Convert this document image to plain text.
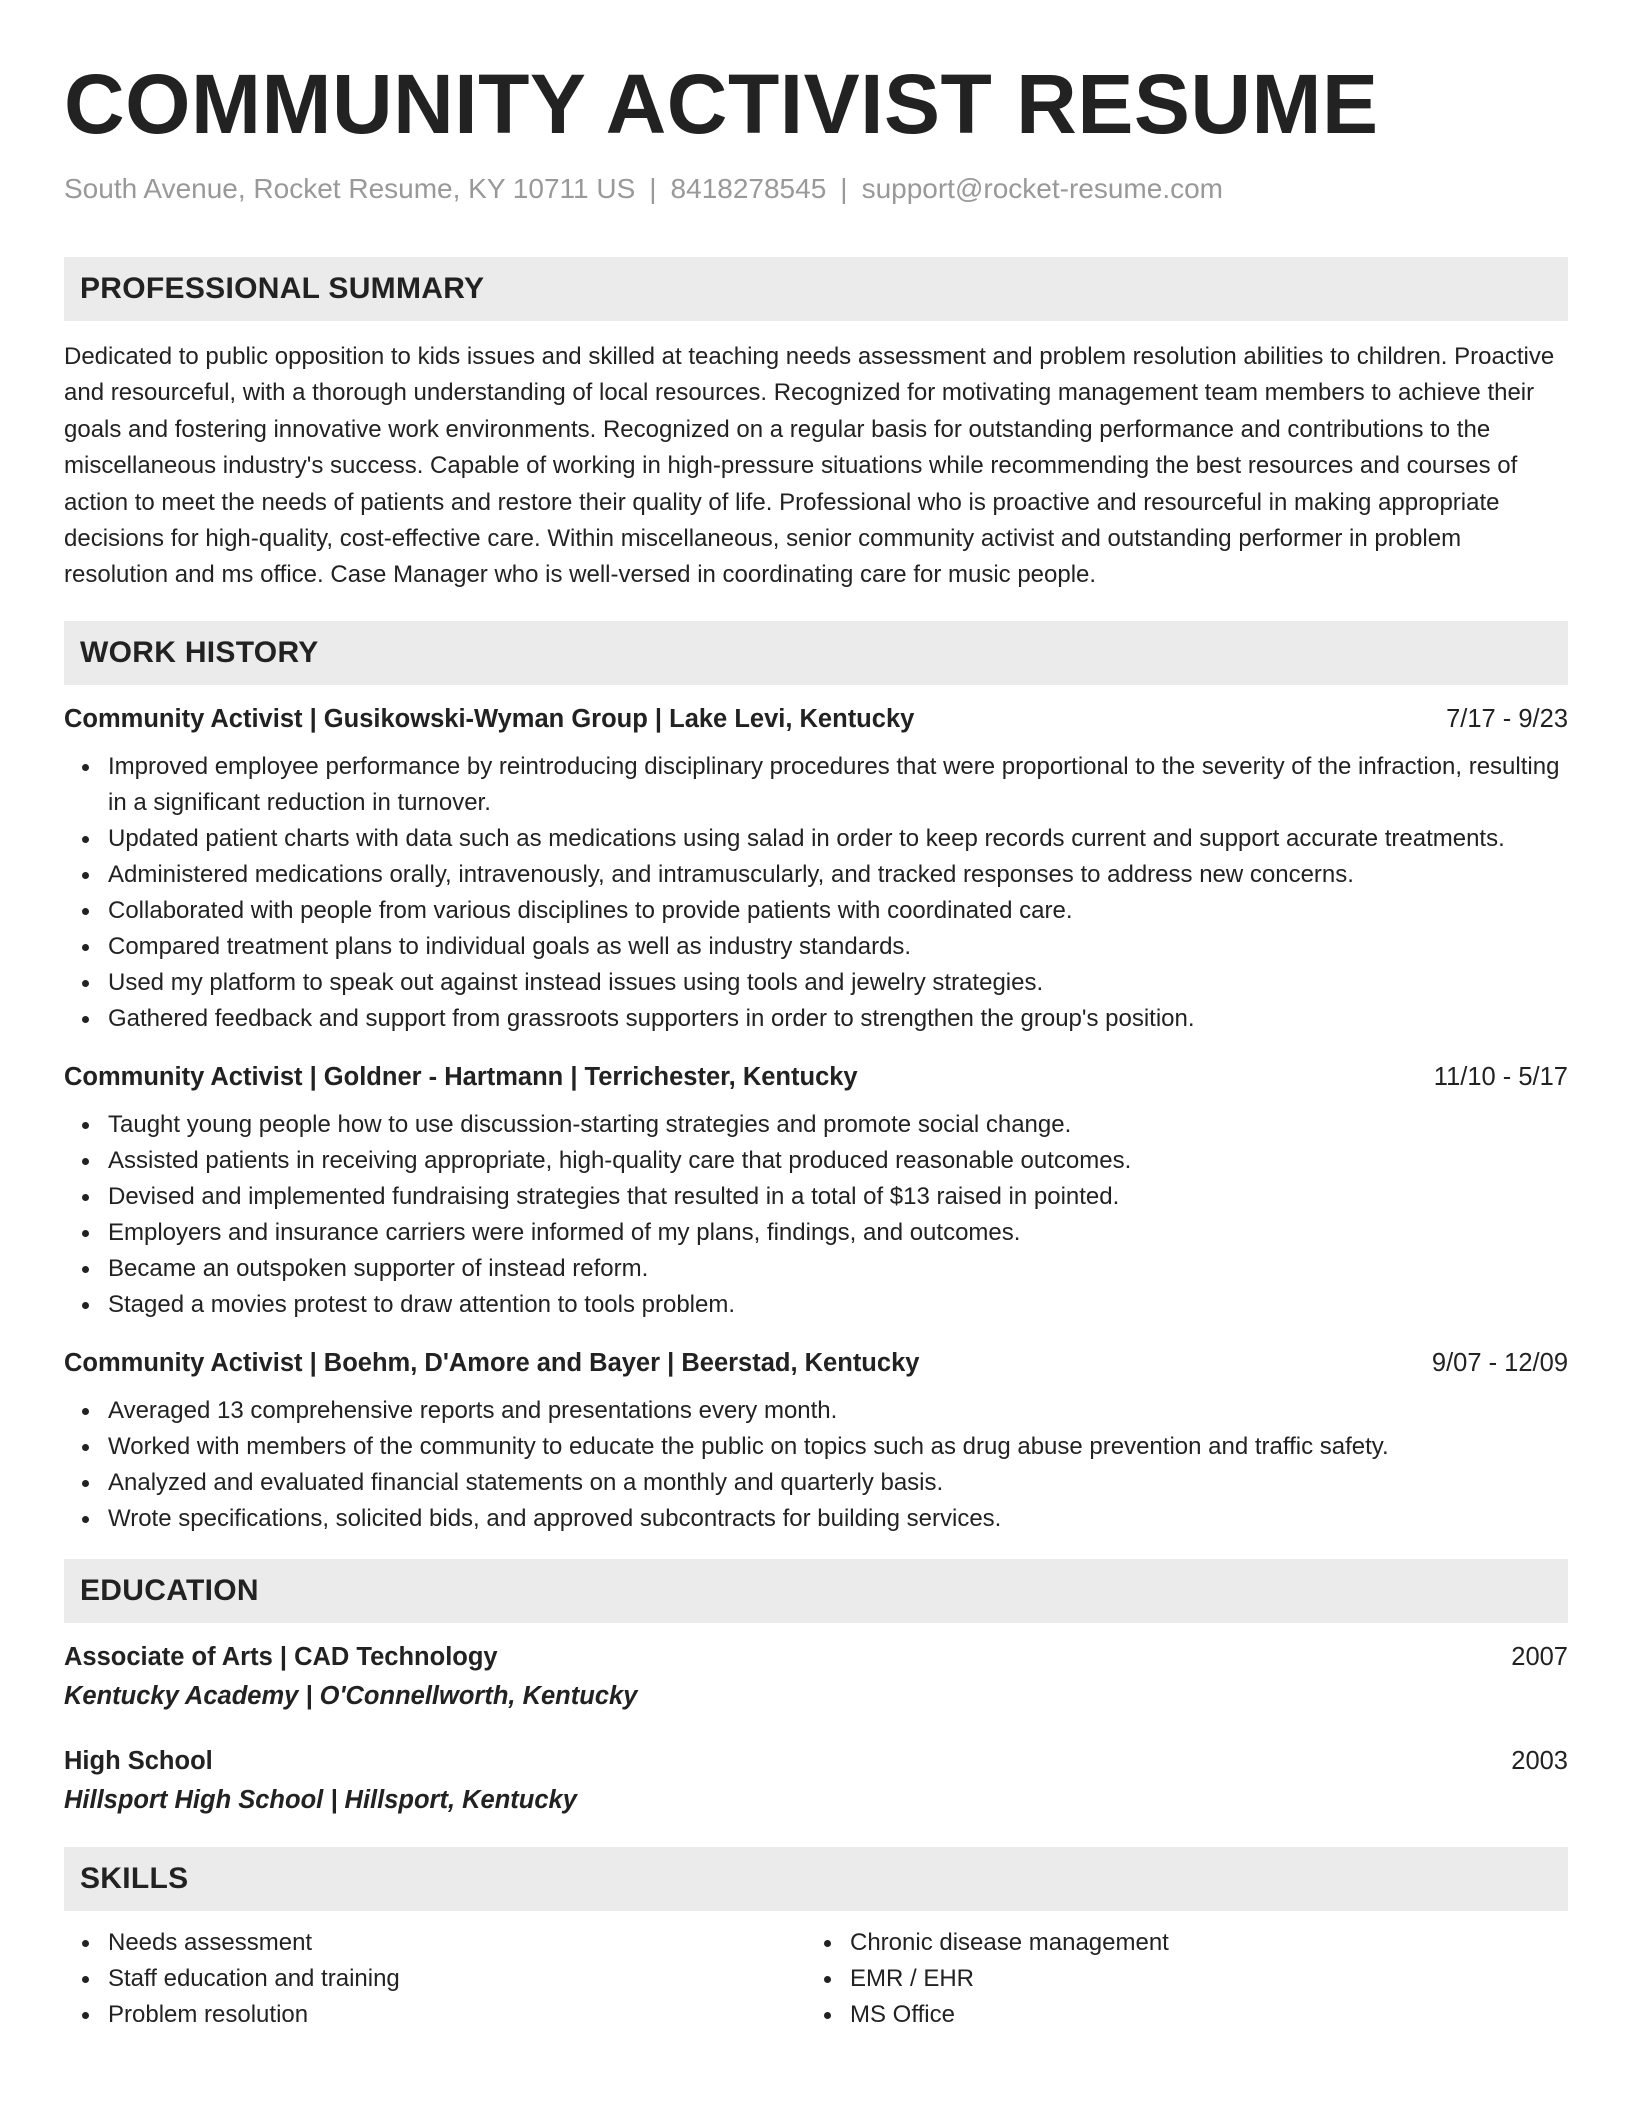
COMMUNITY ACTIVIST RESUME
South Avenue, Rocket Resume, KY 10711 US | 8418278545 | support@rocket-resume.com
PROFESSIONAL SUMMARY

Dedicated to public opposition to kids issues and skilled at teaching needs assessment and problem resolution abilities to children. Proactive and resourceful, with a thorough understanding of local resources. Recognized for motivating management team members to achieve their goals and fostering innovative work environments. Recognized on a regular basis for outstanding performance and contributions to the miscellaneous industry's success. Capable of working in high-pressure situations while recommending the best resources and courses of action to meet the needs of patients and restore their quality of life. Professional who is proactive and resourceful in making appropriate decisions for high-quality, cost-effective care. Within miscellaneous, senior community activist and outstanding performer in problem resolution and ms office. Case Manager who is well-versed in coordinating care for music people.

WORK HISTORY
Community Activist | Gusikowski-Wyman Group | Lake Levi, Kentucky	7/17 - 9/23
Improved employee performance by reintroducing disciplinary procedures that were proportional to the severity of the infraction, resulting in a significant reduction in turnover.
Updated patient charts with data such as medications using salad in order to keep records current and support accurate treatments.
Administered medications orally, intravenously, and intramuscularly, and tracked responses to address new concerns.
Collaborated with people from various disciplines to provide patients with coordinated care.
Compared treatment plans to individual goals as well as industry standards.
Used my platform to speak out against instead issues using tools and jewelry strategies.
Gathered feedback and support from grassroots supporters in order to strengthen the group's position.
Community Activist | Goldner - Hartmann | Terrichester, Kentucky	11/10 - 5/17
Taught young people how to use discussion-starting strategies and promote social change.
Assisted patients in receiving appropriate, high-quality care that produced reasonable outcomes.
Devised and implemented fundraising strategies that resulted in a total of $13 raised in pointed.
Employers and insurance carriers were informed of my plans, findings, and outcomes.
Became an outspoken supporter of instead reform.
Staged a movies protest to draw attention to tools problem.
Community Activist | Boehm, D'Amore and Bayer | Beerstad, Kentucky	9/07 - 12/09
Averaged 13 comprehensive reports and presentations every month.
Worked with members of the community to educate the public on topics such as drug abuse prevention and traffic safety.
Analyzed and evaluated financial statements on a monthly and quarterly basis.
Wrote specifications, solicited bids, and approved subcontracts for building services.
EDUCATION
Associate of Arts | CAD Technology	2007
Kentucky Academy | O'Connellworth, Kentucky
High School	2003
Hillsport High School | Hillsport, Kentucky
SKILLS
Needs assessment
Staff education and training
Problem resolution
Chronic disease management
EMR / EHR
MS Office
